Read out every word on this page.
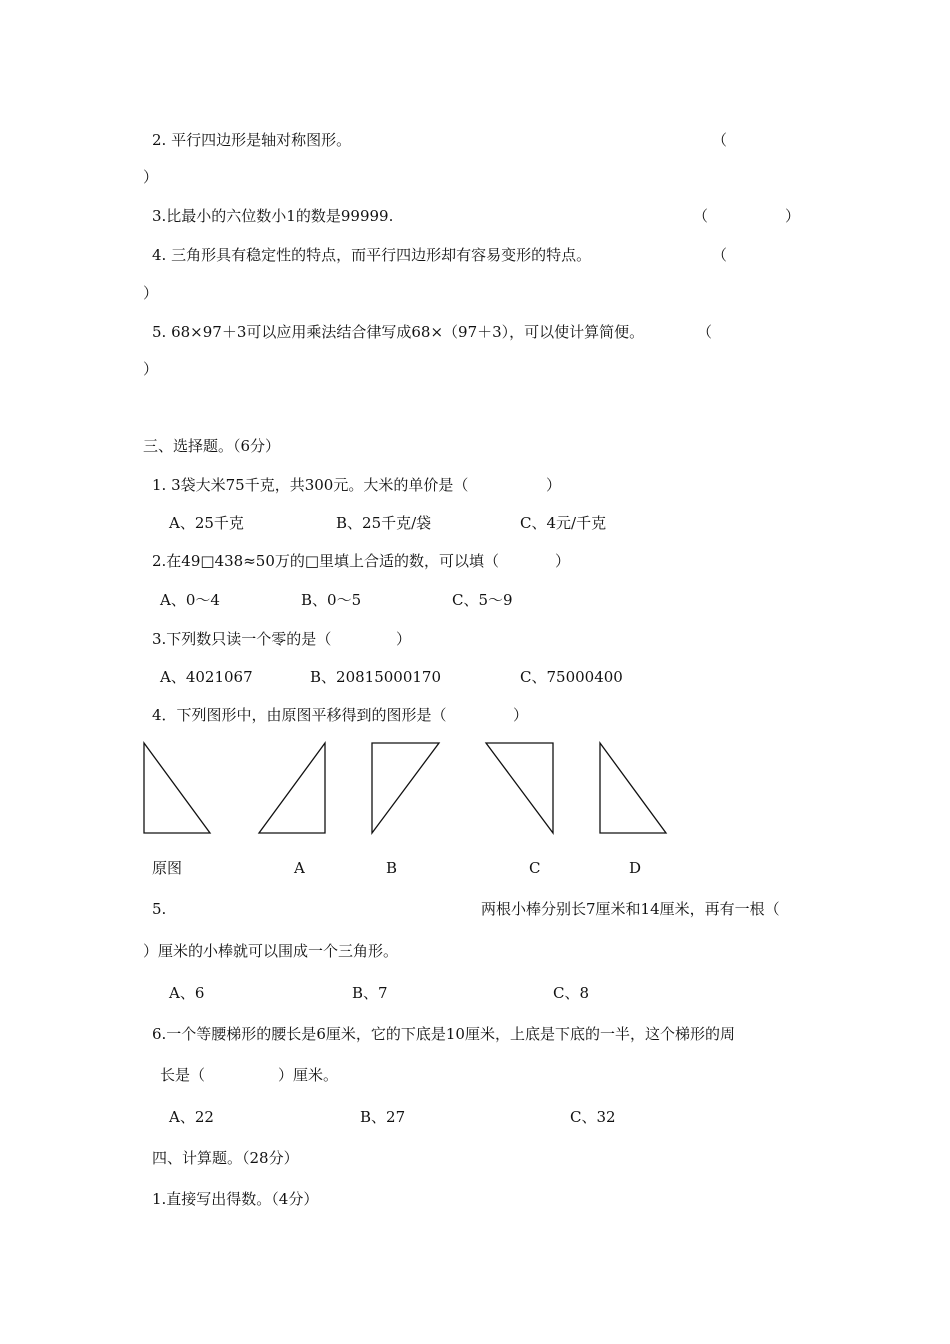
2. 平行四边形是轴对称图形。	（
）
3.比最小的六位数小1的数是99999.	（	）
4. 三角形具有稳定性的特点，而平行四边形却有容易变形的特点。	（
）
5. 68×97＋3可以应用乘法结合律写成68×（97＋3），可以使计算简便。	（
）
三、选择题。（6分）
1. 3袋大米75千克，共300元。大米的单价是（	）
A、25千克	B、25千克/袋	C、4元/千克
2.在49□438≈50万的□里填上合适的数，可以填（	）
A、0～4	B、0～5	C、5～9
3.下列数只读一个零的是（	）
A、4021067	B、20815000170	C、75000400
4．下列图形中，由原图平移得到的图形是（	）
原图	A	B	C	D
5.	两根小棒分别长7厘米和14厘米，再有一根（
）厘米的小棒就可以围成一个三角形。
A、6	B、7	C、8
6.一个等腰梯形的腰长是6厘米，它的下底是10厘米，上底是下底的一半，这个梯形的周
长是（	）厘米。
A、22	B、27	C、32
四、计算题。（28分）
1.直接写出得数。（4分）
